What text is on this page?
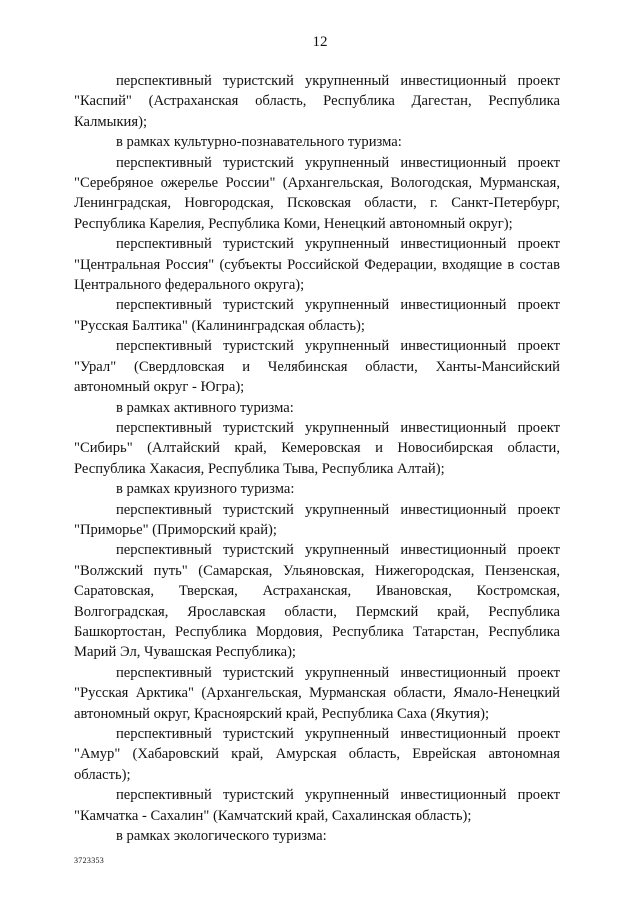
12

перспективный туристский укрупненный инвестиционный проект "Каспий" (Астраханская область, Республика Дагестан, Республика Калмыкия);

в рамках культурно-познавательного туризма:

перспективный туристский укрупненный инвестиционный проект "Серебряное ожерелье России" (Архангельская, Вологодская, Мурманская, Ленинградская, Новгородская, Псковская области, г. Санкт-Петербург, Республика Карелия, Республика Коми, Ненецкий автономный округ);

перспективный туристский укрупненный инвестиционный проект "Центральная Россия" (субъекты Российской Федерации, входящие в состав Центрального федерального округа);

перспективный туристский укрупненный инвестиционный проект "Русская Балтика" (Калининградская область);

перспективный туристский укрупненный инвестиционный проект "Урал" (Свердловская и Челябинская области, Ханты-Мансийский автономный округ - Югра);

в рамках активного туризма:

перспективный туристский укрупненный инвестиционный проект "Сибирь" (Алтайский край, Кемеровская и Новосибирская области, Республика Хакасия, Республика Тыва, Республика Алтай);

в рамках круизного туризма:

перспективный туристский укрупненный инвестиционный проект "Приморье" (Приморский край);

перспективный туристский укрупненный инвестиционный проект "Волжский путь" (Самарская, Ульяновская, Нижегородская, Пензенская, Саратовская, Тверская, Астраханская, Ивановская, Костромская, Волгоградская, Ярославская области, Пермский край, Республика Башкортостан, Республика Мордовия, Республика Татарстан, Республика Марий Эл, Чувашская Республика);

перспективный туристский укрупненный инвестиционный проект "Русская Арктика" (Архангельская, Мурманская области, Ямало-Ненецкий автономный округ, Красноярский край, Республика Саха (Якутия);

перспективный туристский укрупненный инвестиционный проект "Амур" (Хабаровский край, Амурская область, Еврейская автономная область);

перспективный туристский укрупненный инвестиционный проект "Камчатка - Сахалин" (Камчатский край, Сахалинская область);

в рамках экологического туризма:

3723353
